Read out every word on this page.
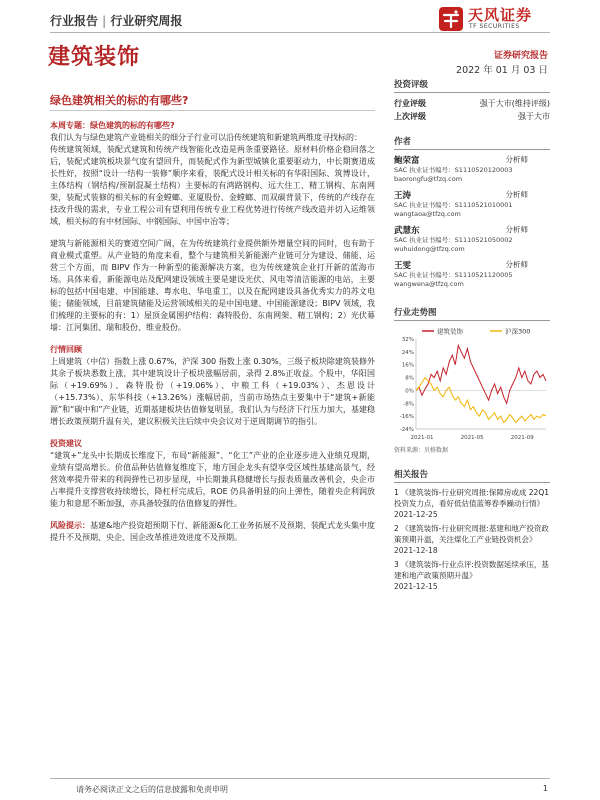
行业报告 | 行业研究周报	天风证券
TF SECURITIES
建筑装饰	证券研究报告
2022 年 01 月 03 日
绿色建筑相关的标的有哪些?

本周专题：绿色建筑的标的有哪些?

我们认为与绿色建筑产业链相关的细分子行业可以沿传统建筑和新建筑两维度寻找标的：

传统建筑领域，装配式建筑和传统产线智能化改造是两条重要路径。原材料价格企稳回落之后，装配式建筑板块景气度有望回升，而装配式作为新型城镇化重要驱动力，中长期赛道成长性好，按照“设计一结构一装修”顺序来看，装配式设计相关标的有华阳国际、筑博设计，主体结构（钢结构/预制混凝土结构）主要标的有鸿路钢构、远大住工、精工钢构、东南网架，装配式装修的相关标的有金螳螂、亚厦股份、金螳螂、而双碳背景下，传统的产线存在技改升级的需求，专业工程公司有望利用传统专业工程优势进行传统产线改造并切入运维领域，相关标的有中材国际、中钢国际、中国中冶等；

建筑与新能源相关的赛道空间广阔，在为传统建筑行业提供额外增量空间的同时，也有助于商业模式重塑。从产业链的角度来看，整个与建筑相关新能源产业链可分为建设、储能、运营三个方面，而 BIPV 作为一种新型的能源解决方案，也为传统建筑企业打开新的蓝海市场。具体来看，新能源电站及配网建设领域主要是建设光伏、风电等清洁能源的电站，主要标的包括中国电建、中国能建、粤水电、华电重工，以及在配网建设具备优秀实力的苏文电能；储能领域，目前建筑储能及运营领域相关的是中国电建、中国能源建设；BIPV 领域，我们梳理的主要标的有：1）屋顶金属围护结构：森特股份、东南网架、精工钢构；2）光伏幕墙：江河集团、瑞和股份、维业股份。

行情回顾

上周建筑（中信）指数上涨 0.67%，沪深 300 指数上涨 0.30%，三级子板块除建筑装修外其余子板块悉数上涨，其中建筑设计子板块涨幅居前，录得 2.8%正收益。个股中，华阳国际（+19.69%）、森特股份（+19.06%）、中粮工科（+19.03%）、杰恩设计（+15.73%）、东华科技（+13.26%）涨幅居前，当前市场热点主要集中于“建筑+新能源”和“碳中和”产业链，近期基建板块估值修复明显，我们认为与经济下行压力加大，基建稳增长政策预期升温有关，建议积极关注后续中央会议对于逆周期调节的指引。

投资建议

“建筑+”龙头中长期成长维度下，布局“新能源”、“化工”产业的企业逐步进入业绩兑现期，业绩有望高增长。价值品种估值修复维度下，地方国企龙头有望享受区域性基建高景气，经营效率提升带来的利润弹性已初步显现，中长期兼具稳健增长与报表质量改善机会，央企市占率提升支撑营收持续增长，降杠杆完成后，ROE 仍具备明显的向上弹性，随着央企利润放能力和意愿不断加强，亦具备较强的估值修复的弹性。

风险提示：基建&地产投资超预期下行、新能源&化工业务拓展不及预期、装配式龙头集中度提升不及预期、央企、国企改革推进效进度不及预期。

投资评级
行业评级	强于大市(维持评级)
上次评级	强于大市
作者
鲍荣富	分析师
SAC 执业证书编号：S1110520120003
baorongfu@tfzq.com
王涛	分析师
SAC 执业证书编号：S1110521010001
wangtaoa@tfzq.com
武慧东	分析师
SAC 执业证书编号：S1110521050002
wuhuidong@tfzq.com
王雯	分析师
SAC 执业证书编号：S1110521120005
wangwena@tfzq.com
行业走势图
建筑装饰	沪深300
32%
24%
16%
8%
0%
-8%
-16%
-24%
2021-01	2021-05	2021-09
资料来源：贝格数据
相关报告
1 《建筑装饰-行业研究周报:保障房或成 22Q1 投资发力点，看好低估值蓝筹春季躁动行情》
2021-12-25
2 《建筑装饰-行业研究周报:基建和地产投资政策预期升温，关注煤化工产业链投资机会》
2021-12-18
3 《建筑装饰-行业点评:投资数据延续承压，基建和地产政策预期升温》
2021-12-15
请务必阅读正文之后的信息披露和免责申明	1
